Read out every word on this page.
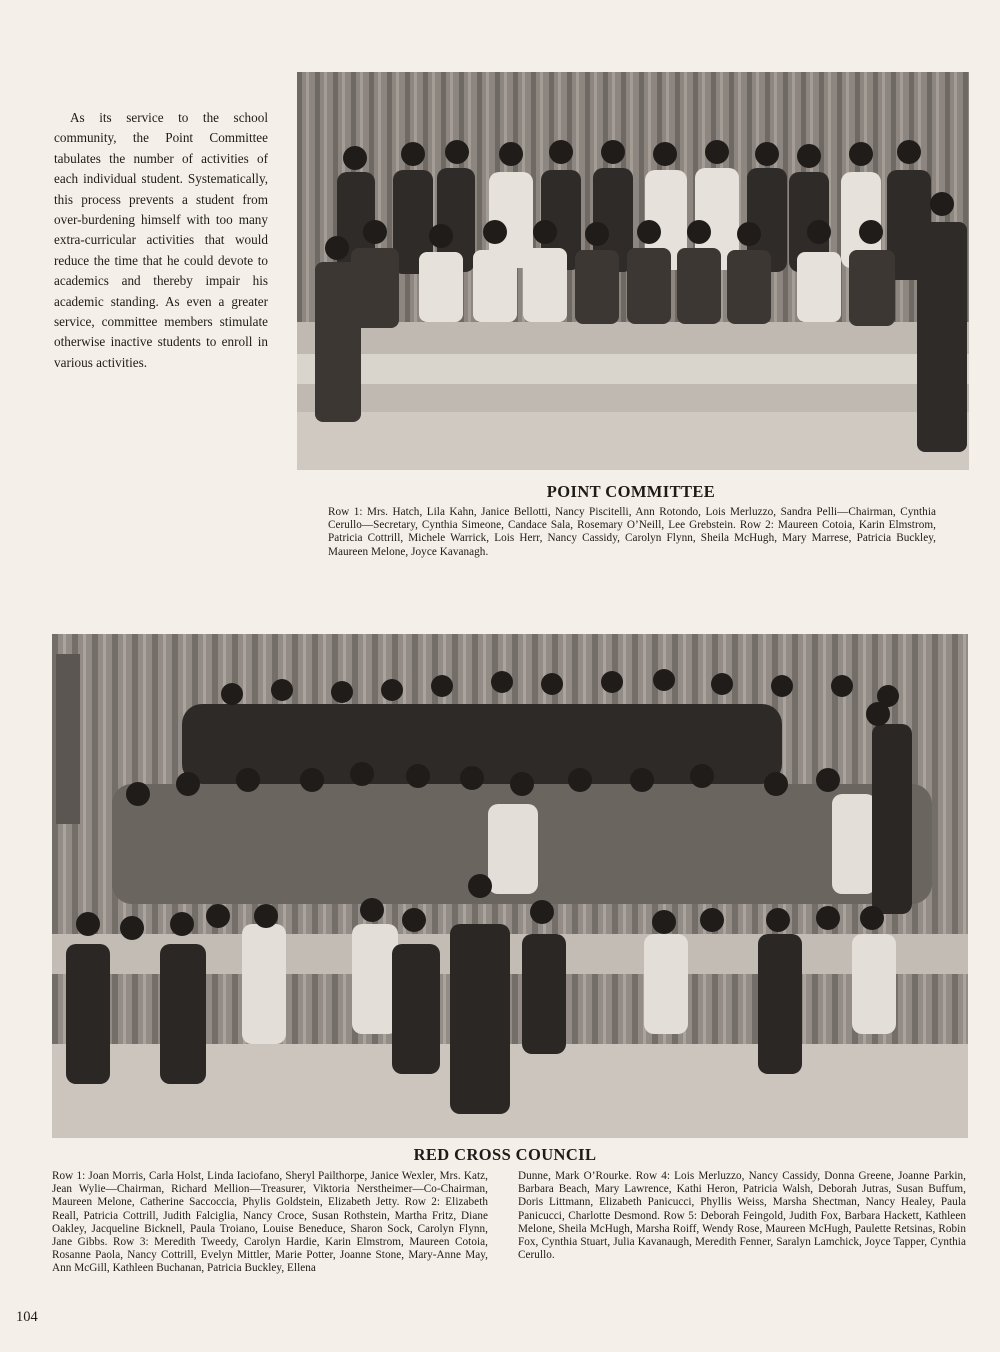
As its service to the school community, the Point Committee tabulates the number of activities of each individual student. Systematically, this process prevents a student from over-burdening himself with too many extra-curricular activities that would reduce the time that he could devote to academics and thereby impair his academic standing. As even a greater service, committee members stimulate otherwise inactive students to enroll in various activities.

POINT COMMITTEE

Row 1: Mrs. Hatch, Lila Kahn, Janice Bellotti, Nancy Piscitelli, Ann Rotondo, Lois Merluzzo, Sandra Pelli—Chairman, Cynthia Cerullo—Secretary, Cynthia Simeone, Candace Sala, Rosemary O’Neill, Lee Grebstein. Row 2: Maureen Cotoia, Karin Elmstrom, Patricia Cottrill, Michele Warrick, Lois Herr, Nancy Cassidy, Carolyn Flynn, Sheila McHugh, Mary Marrese, Patricia Buckley, Maureen Melone, Joyce Kavanagh.

RED CROSS COUNCIL

Row 1: Joan Morris, Carla Holst, Linda Iaciofano, Sheryl Pailthorpe, Janice Wexler, Mrs. Katz, Jean Wylie—Chairman, Richard Mellion—Treasurer, Viktoria Nerstheimer—Co-Chairman, Maureen Melone, Catherine Saccoccia, Phylis Goldstein, Elizabeth Jetty. Row 2: Elizabeth Reall, Patricia Cottrill, Judith Falciglia, Nancy Croce, Susan Rothstein, Martha Fritz, Diane Oakley, Jacqueline Bicknell, Paula Troiano, Louise Beneduce, Sharon Sock, Carolyn Flynn, Jane Gibbs. Row 3: Meredith Tweedy, Carolyn Hardie, Karin Elmstrom, Maureen Cotoia, Rosanne Paola, Nancy Cottrill, Evelyn Mittler, Marie Potter, Joanne Stone, Mary-Anne May, Ann McGill, Kathleen Buchanan, Patricia Buckley, Ellena

Dunne, Mark O’Rourke. Row 4: Lois Merluzzo, Nancy Cassidy, Donna Greene, Joanne Parkin, Barbara Beach, Mary Lawrence, Kathi Heron, Patricia Walsh, Deborah Jutras, Susan Buffum, Doris Littmann, Elizabeth Panicucci, Phyllis Weiss, Marsha Shectman, Nancy Healey, Paula Panicucci, Charlotte Desmond. Row 5: Deborah Feingold, Judith Fox, Barbara Hackett, Kathleen Melone, Sheila McHugh, Marsha Roiff, Wendy Rose, Maureen McHugh, Paulette Retsinas, Robin Fox, Cynthia Stuart, Julia Kavanaugh, Meredith Fenner, Saralyn Lamchick, Joyce Tapper, Cynthia Cerullo.

104
